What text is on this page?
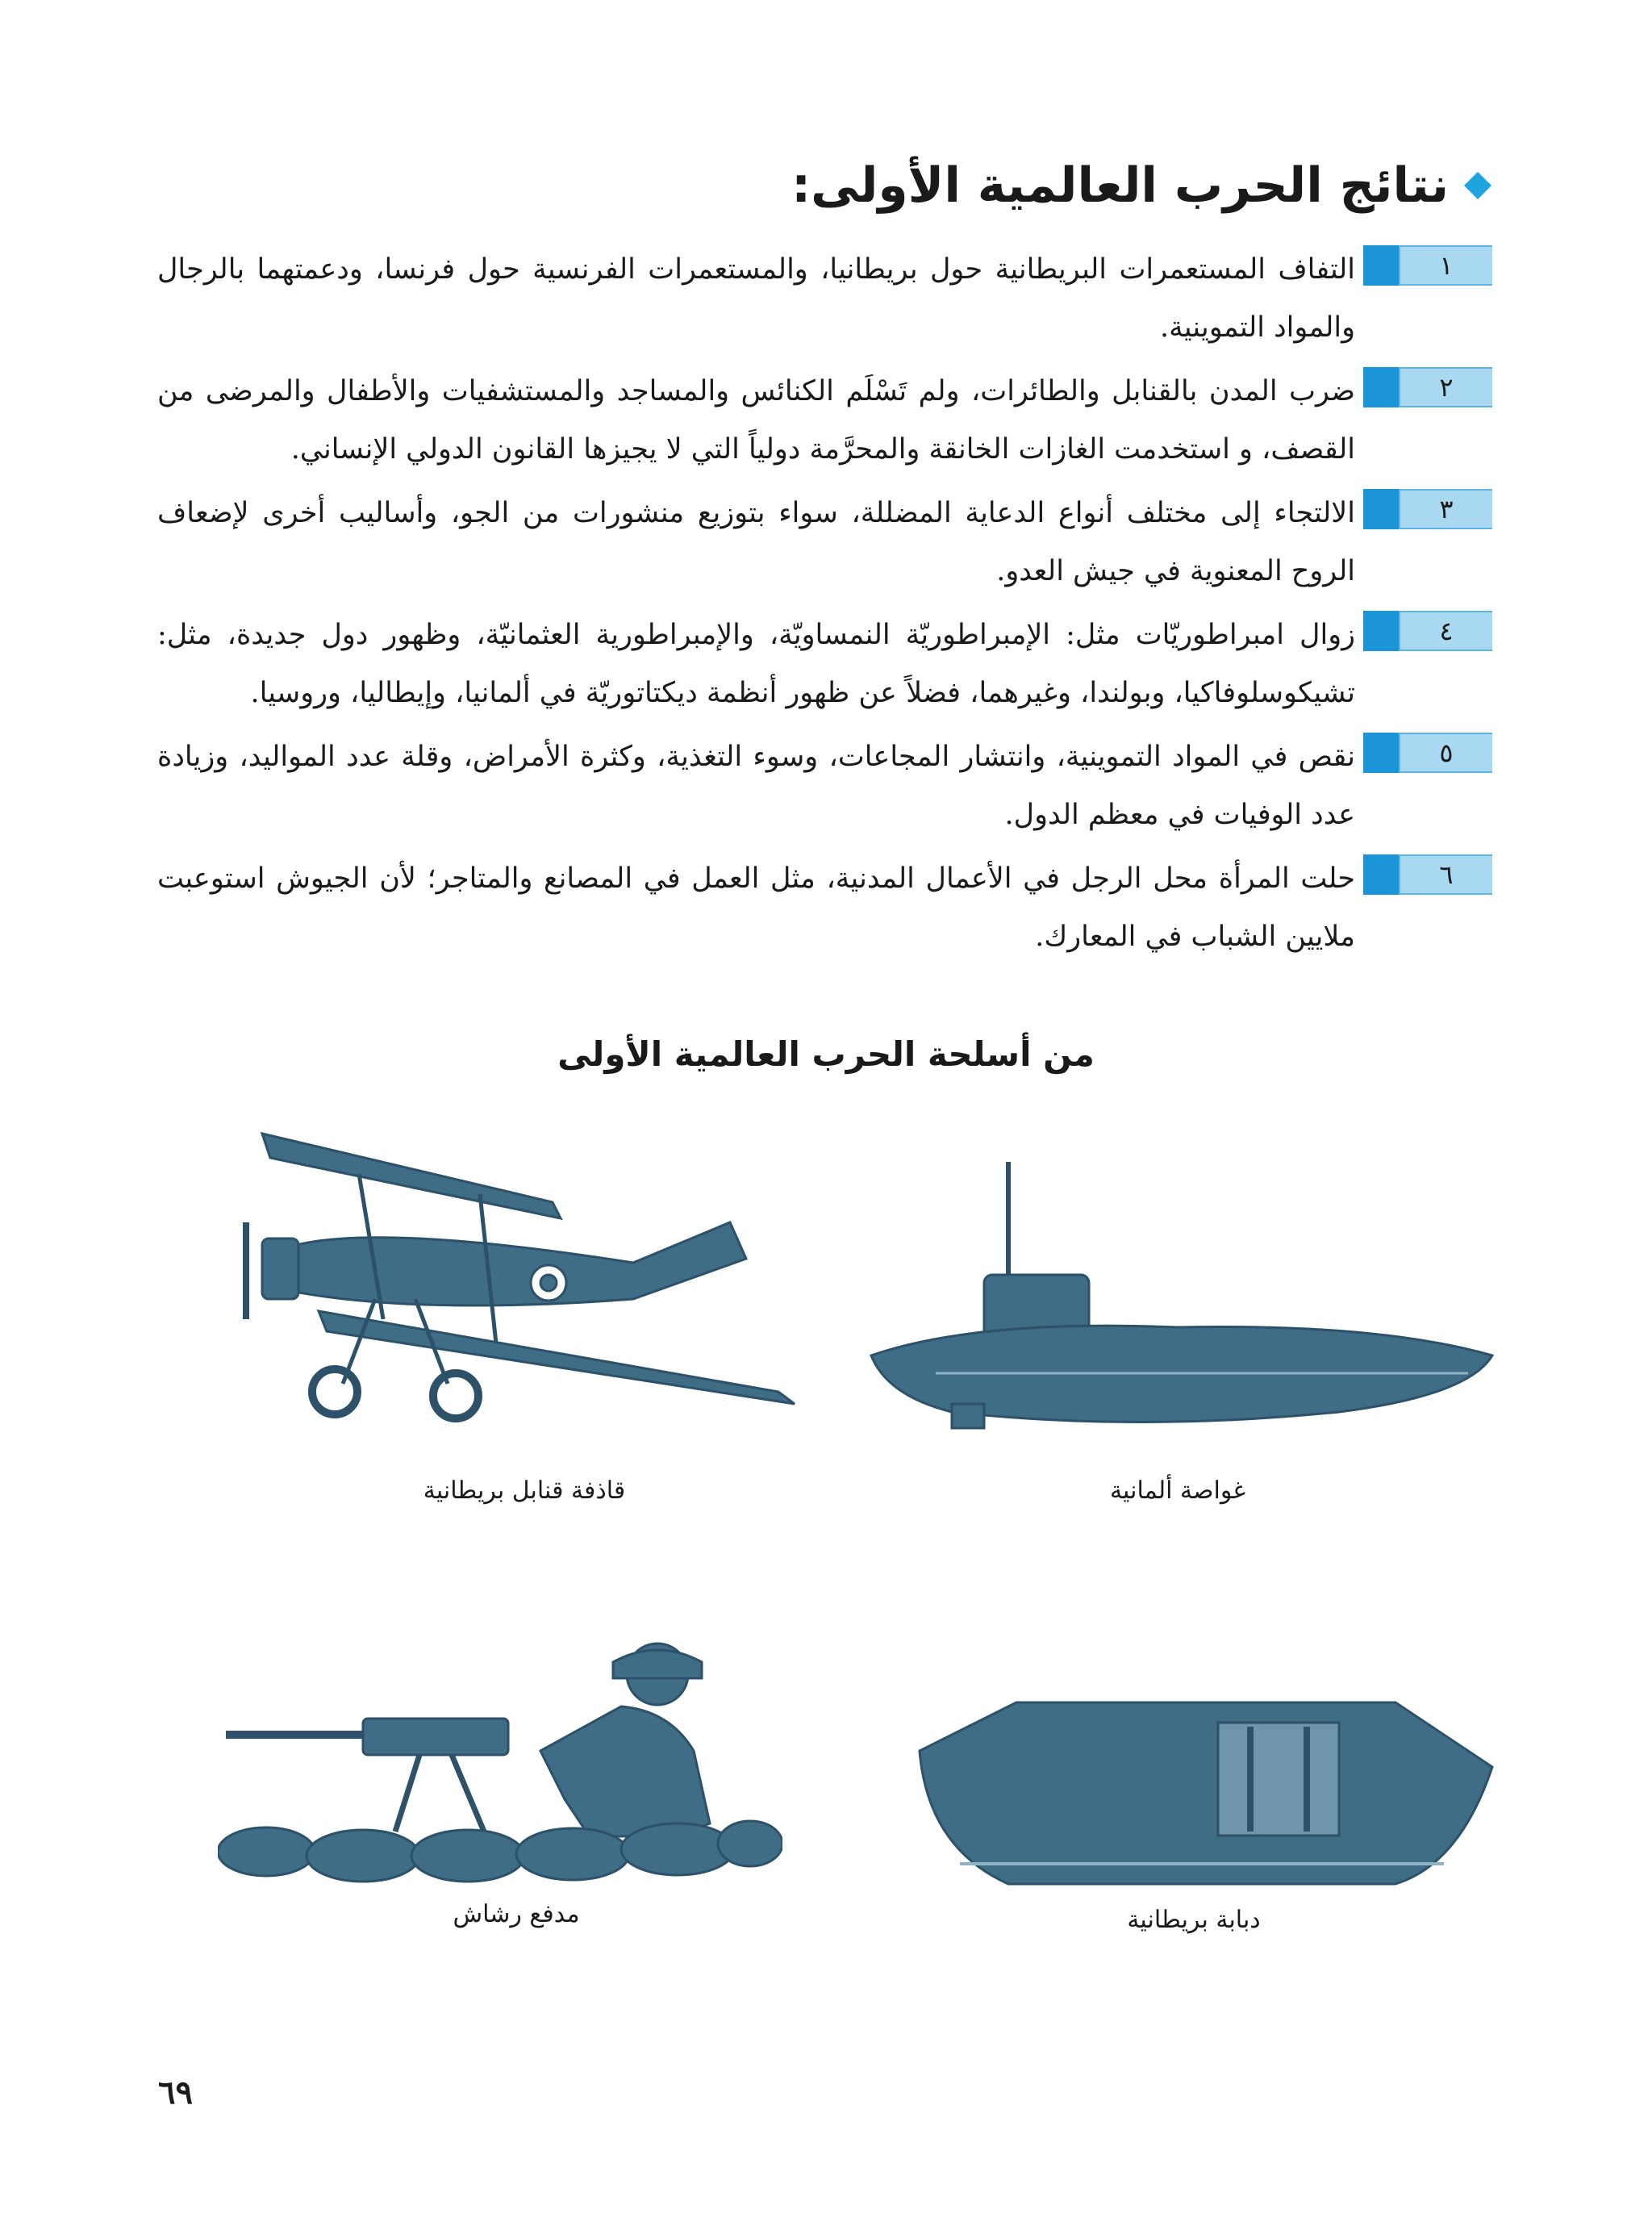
نتائج الحرب العالمية الأولى:
١
التفاف المستعمرات البريطانية حول بريطانيا، والمستعمرات الفرنسية حول فرنسا، ودعمتهما بالرجال والمواد التموينية.
٢
ضرب المدن بالقنابل والطائرات، ولم تَسْلَم الكنائس والمساجد والمستشفيات والأطفال والمرضى من القصف، و استخدمت الغازات الخانقة والمحرَّمة دولياً التي لا يجيزها القانون الدولي الإنساني.
٣
الالتجاء إلى مختلف أنواع الدعاية المضللة، سواء بتوزيع منشورات من الجو، وأساليب أخرى لإضعاف الروح المعنوية في جيش العدو.
٤
زوال امبراطوريّات مثل: الإمبراطوريّة النمساويّة، والإمبراطورية العثمانيّة، وظهور دول جديدة، مثل: تشيكوسلوفاكيا، وبولندا، وغيرهما، فضلاً عن ظهور أنظمة ديكتاتوريّة في ألمانيا، وإيطاليا، وروسيا.
٥
نقص في المواد التموينية، وانتشار المجاعات، وسوء التغذية، وكثرة الأمراض، وقلة عدد المواليد، وزيادة عدد الوفيات في معظم الدول.
٦
حلت المرأة محل الرجل في الأعمال المدنية، مثل العمل في المصانع والمتاجر؛ لأن الجيوش استوعبت ملايين الشباب في المعارك.
من أسلحة الحرب العالمية الأولى
قاذفة قنابل بريطانية	غواصة ألمانية
مدفع رشاش	دبابة بريطانية
٦٩
